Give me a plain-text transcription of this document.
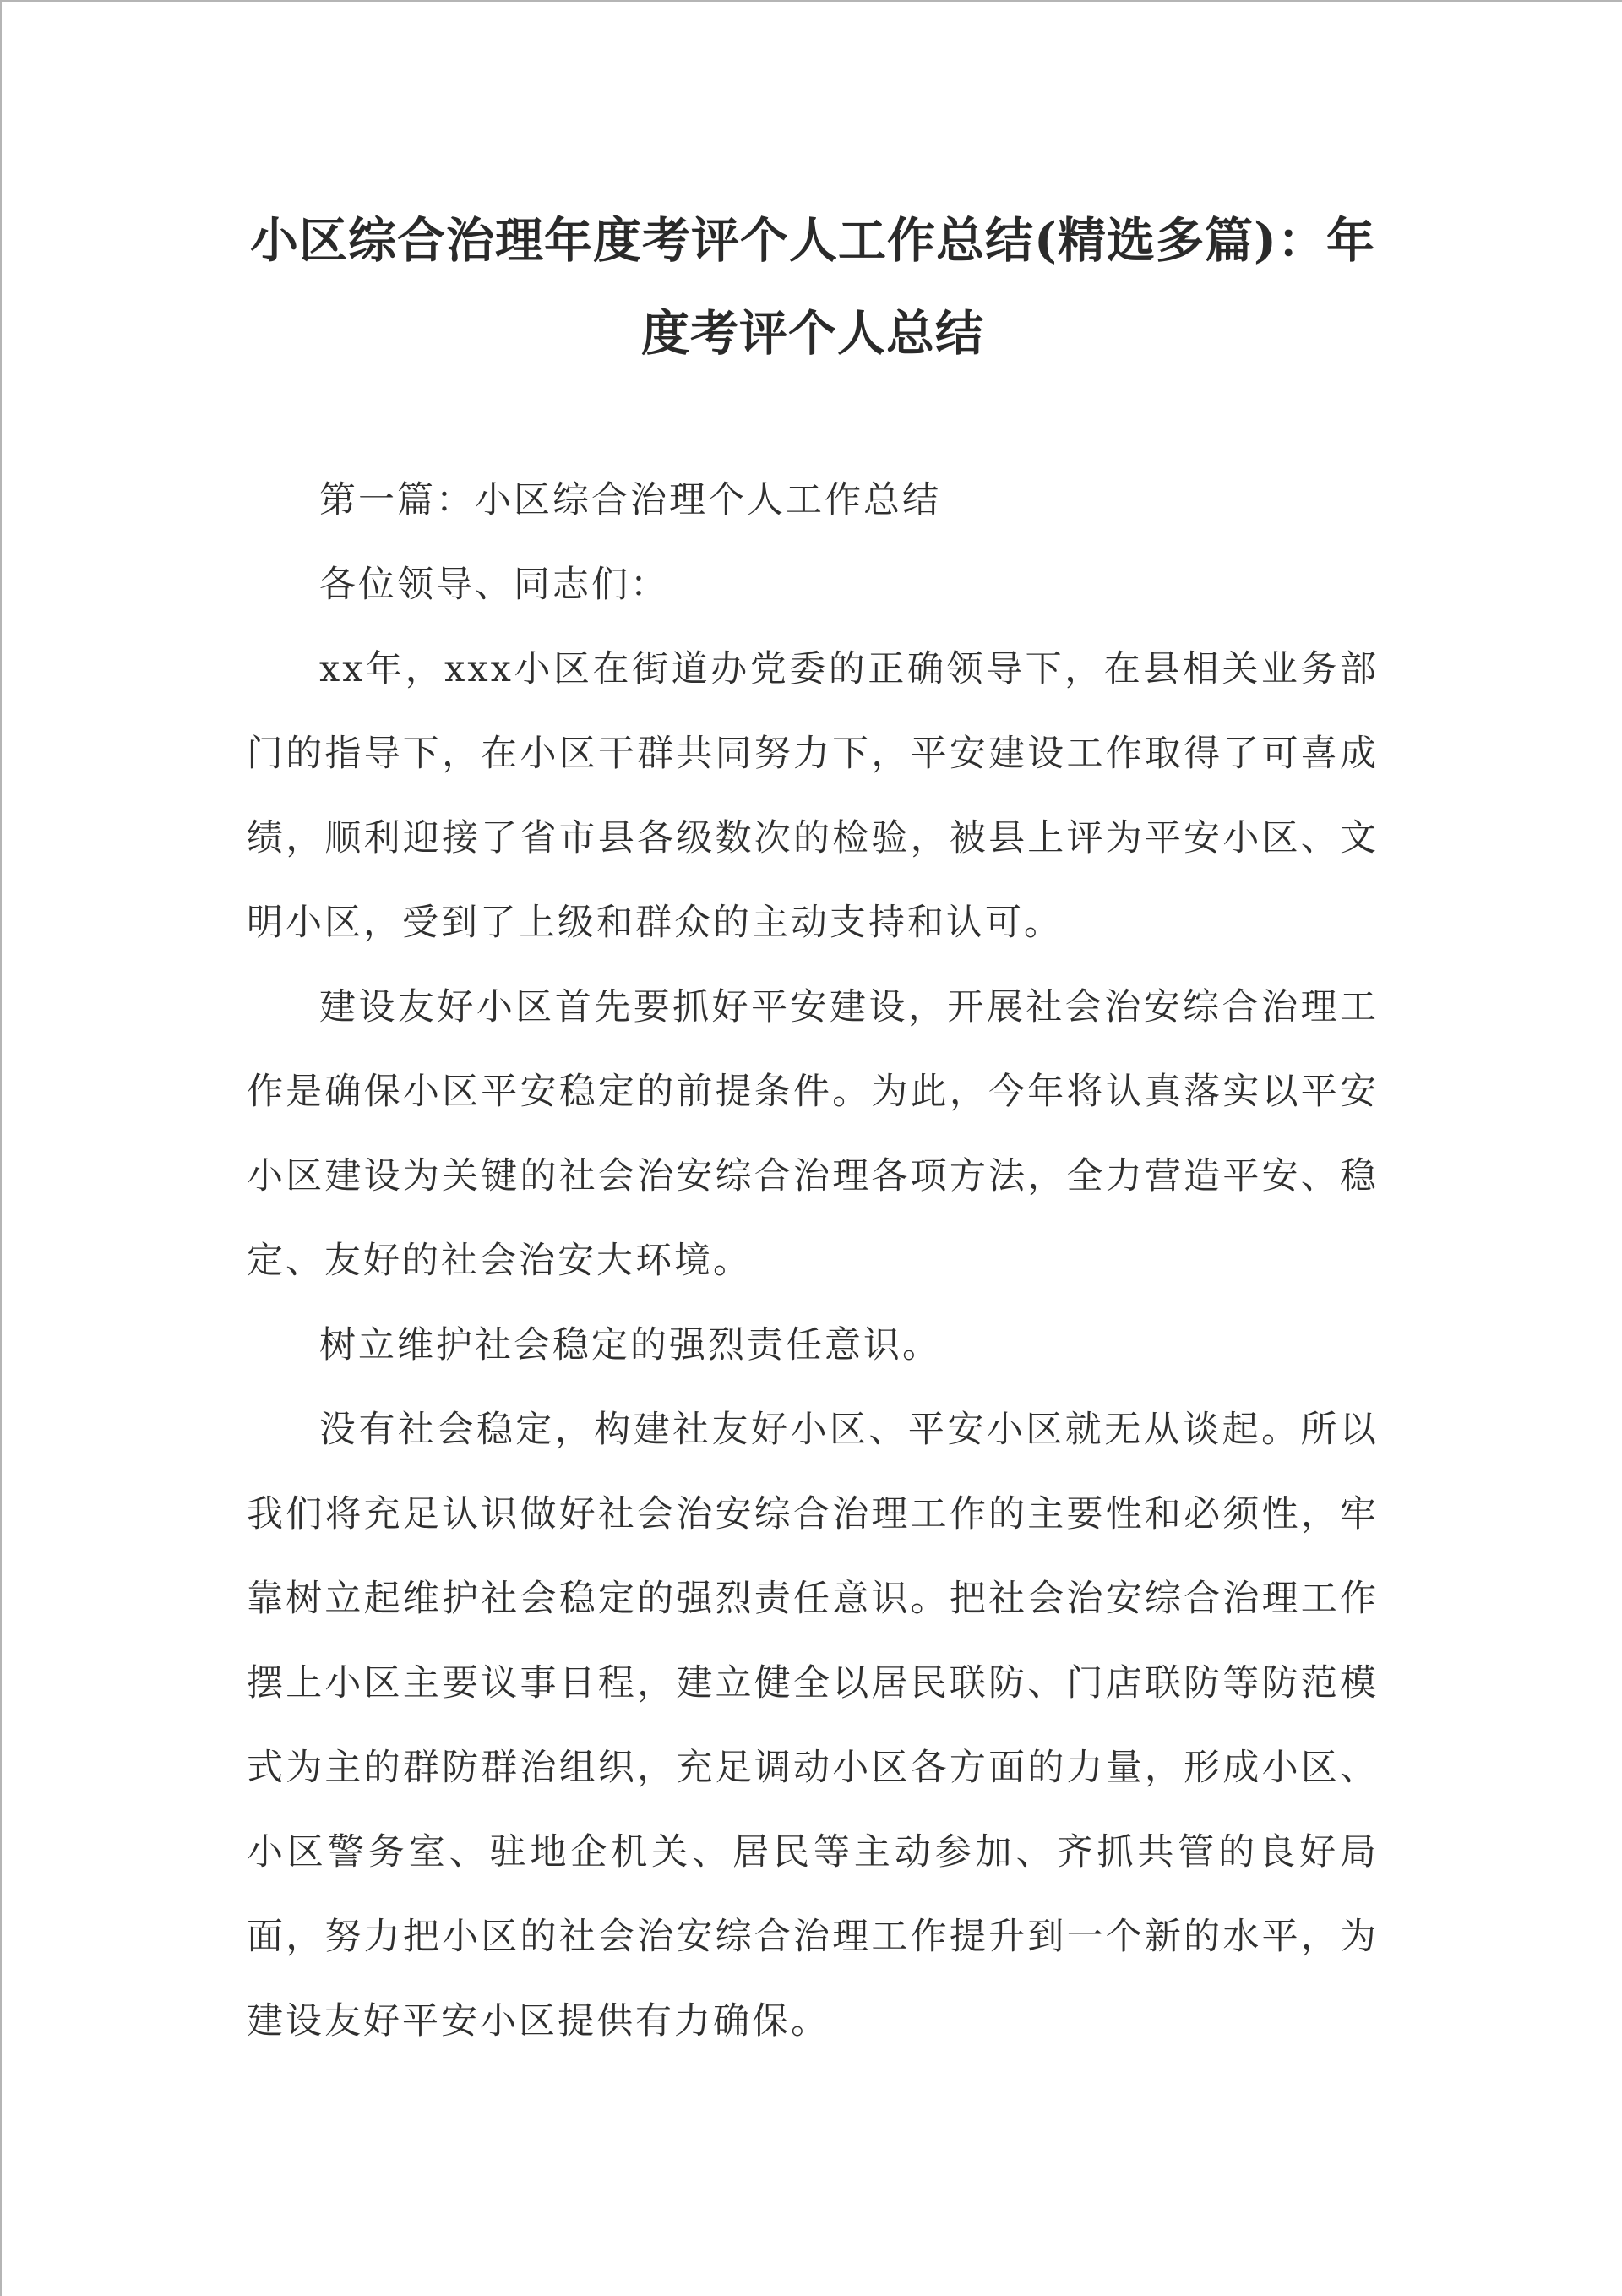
小区综合治理年度考评个人工作总结(精选多篇)：年度考评个人总结

第一篇：小区综合治理个人工作总结

各位领导、同志们：

xx年，xxx小区在街道办党委的正确领导下，在县相关业务部门的指导下，在小区干群共同努力下，平安建设工作取得了可喜成绩，顺利迎接了省市县各级数次的检验，被县上评为平安小区、文明小区，受到了上级和群众的主动支持和认可。

建设友好小区首先要抓好平安建设，开展社会治安综合治理工作是确保小区平安稳定的前提条件。为此，今年将认真落实以平安小区建设为关键的社会治安综合治理各项方法，全力营造平安、稳定、友好的社会治安大环境。

树立维护社会稳定的强烈责任意识。

没有社会稳定，构建社友好小区、平安小区就无从谈起。所以我们将充足认识做好社会治安综合治理工作的主要性和必须性，牢靠树立起维护社会稳定的强烈责任意识。把社会治安综合治理工作摆上小区主要议事日程，建立健全以居民联防、门店联防等防范模式为主的群防群治组织，充足调动小区各方面的力量，形成小区、小区警务室、驻地企机关、居民等主动参加、齐抓共管的良好局面，努力把小区的社会治安综合治理工作提升到一个新的水平，为建设友好平安小区提供有力确保。
